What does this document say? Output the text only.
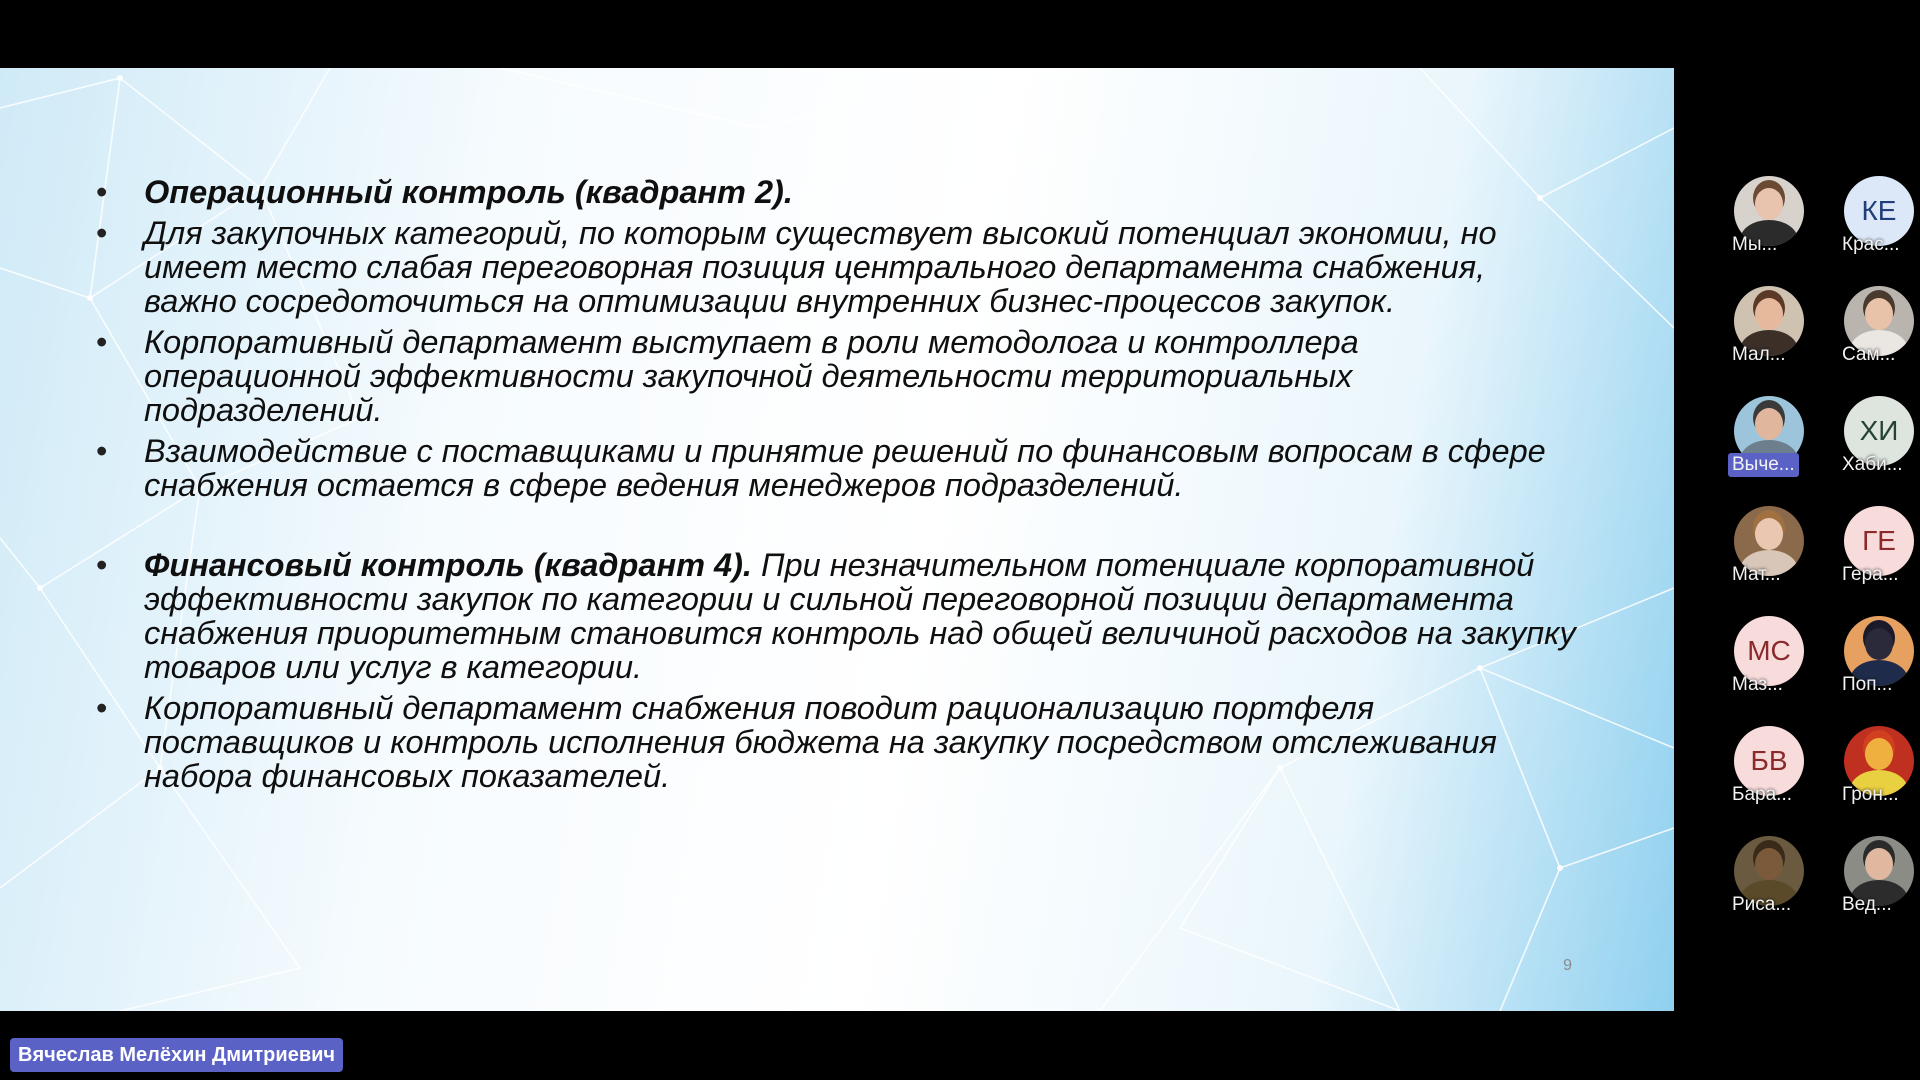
• Операционный контроль (квадрант 2).
• Для закупочных категорий, по которым существует высокий потенциал экономии, но имеет место слабая переговорная позиция центрального департамента снабжения, важно сосредоточиться на оптимизации внутренних бизнес-процессов закупок.
• Корпоративный департамент выступает в роли методолога и контроллера операционной эффективности закупочной деятельности территориальных подразделений.
• Взаимодействие с поставщиками и принятие решений по финансовым вопросам в сфере снабжения остается в сфере ведения менеджеров подразделений.
• Финансовый контроль (квадрант 4). При незначительном потенциале корпоративной эффективности закупок по категории и сильной переговорной позиции департамента снабжения приоритетным становится контроль над общей величиной расходов на закупку товаров или услуг в категории.
• Корпоративный департамент снабжения поводит рационализацию портфеля поставщиков и контроль исполнения бюджета на закупку посредством отслеживания набора финансовых показателей.
9
Мы...
КЕ
Крас...
Мал...	Сам...
Выче...
ХИ
Хаби...
Мат...
ГЕ
Гера...
МС
Маз...	Поп...
БВ
Бара...	Грон...
Риса...	Вед...
Вячеслав Мелёхин Дмитриевич
